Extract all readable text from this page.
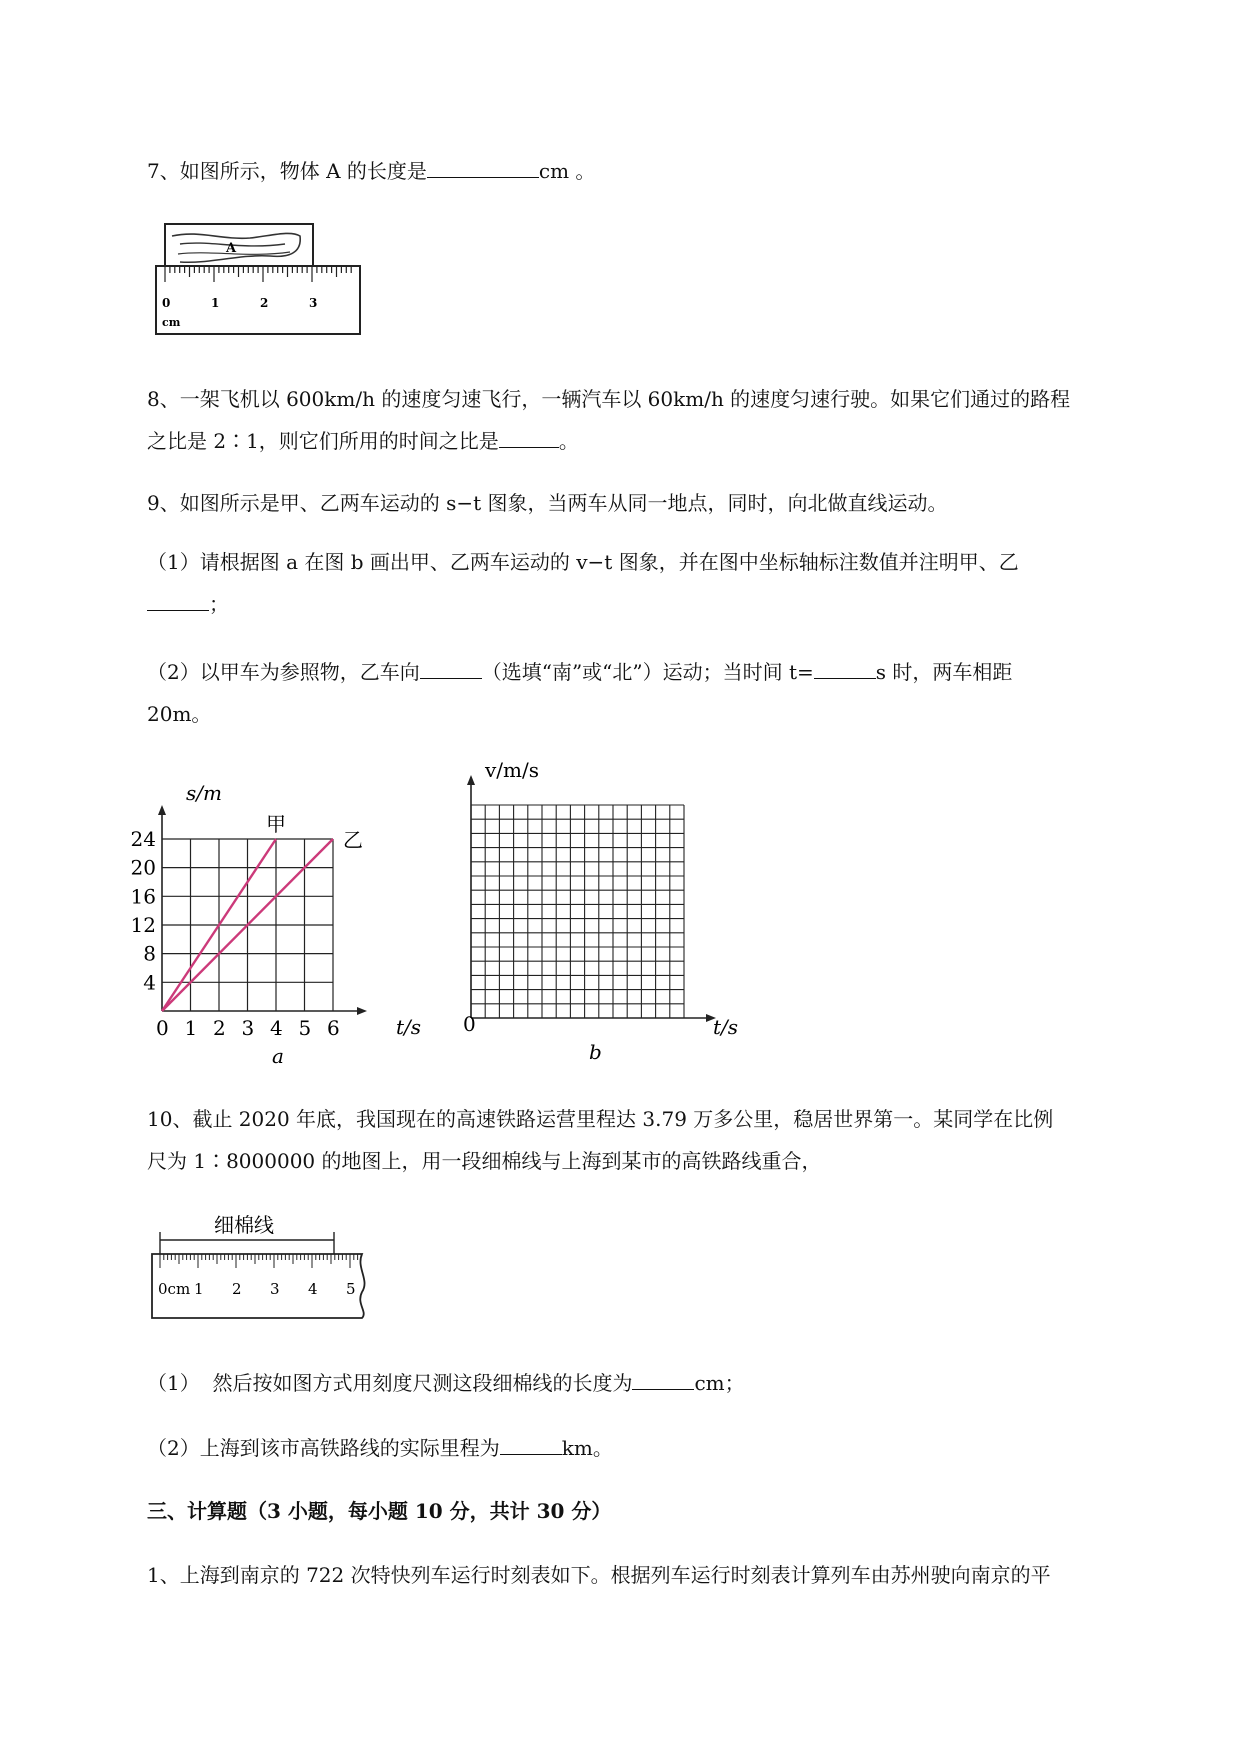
7、如图所示，物体 A 的长度是	cm 。
A
0	1	2	3
cm
8、一架飞机以 600km/h 的速度匀速飞行，一辆汽车以 60km/h 的速度匀速行驶。如果它们通过的路程
之比是 2∶1，则它们所用的时间之比是	。
9、如图所示是甲、乙两车运动的 s−t 图象，当两车从同一地点，同时，向北做直线运动。
（1）请根据图 a 在图 b 画出甲、乙两车运动的 v−t 图象，并在图中坐标轴标注数值并注明甲、乙
；
（2）以甲车为参照物，乙车向	（选填“南”或“北”）运动；当时间 t=	s 时，两车相距
20m。
0 1 2 3 4 5 6
4
8
12
16
20
24
甲
乙
s/m
t/s
a
v/m/s
t/s
0
b
10、截止 2020 年底，我国现在的高速铁路运营里程达 3.79 万多公里，稳居世界第一。某同学在比例
尺为 1∶8000000 的地图上，用一段细棉线与上海到某市的高铁路线重合，
细棉线
0cm 1 2 3 4 5
（1）  然后按如图方式用刻度尺测这段细棉线的长度为	cm；
（2）上海到该市高铁路线的实际里程为	km。
三、计算题（3 小题，每小题 10 分，共计 30 分）
1、上海到南京的 722 次特快列车运行时刻表如下。根据列车运行时刻表计算列车由苏州驶向南京的平
